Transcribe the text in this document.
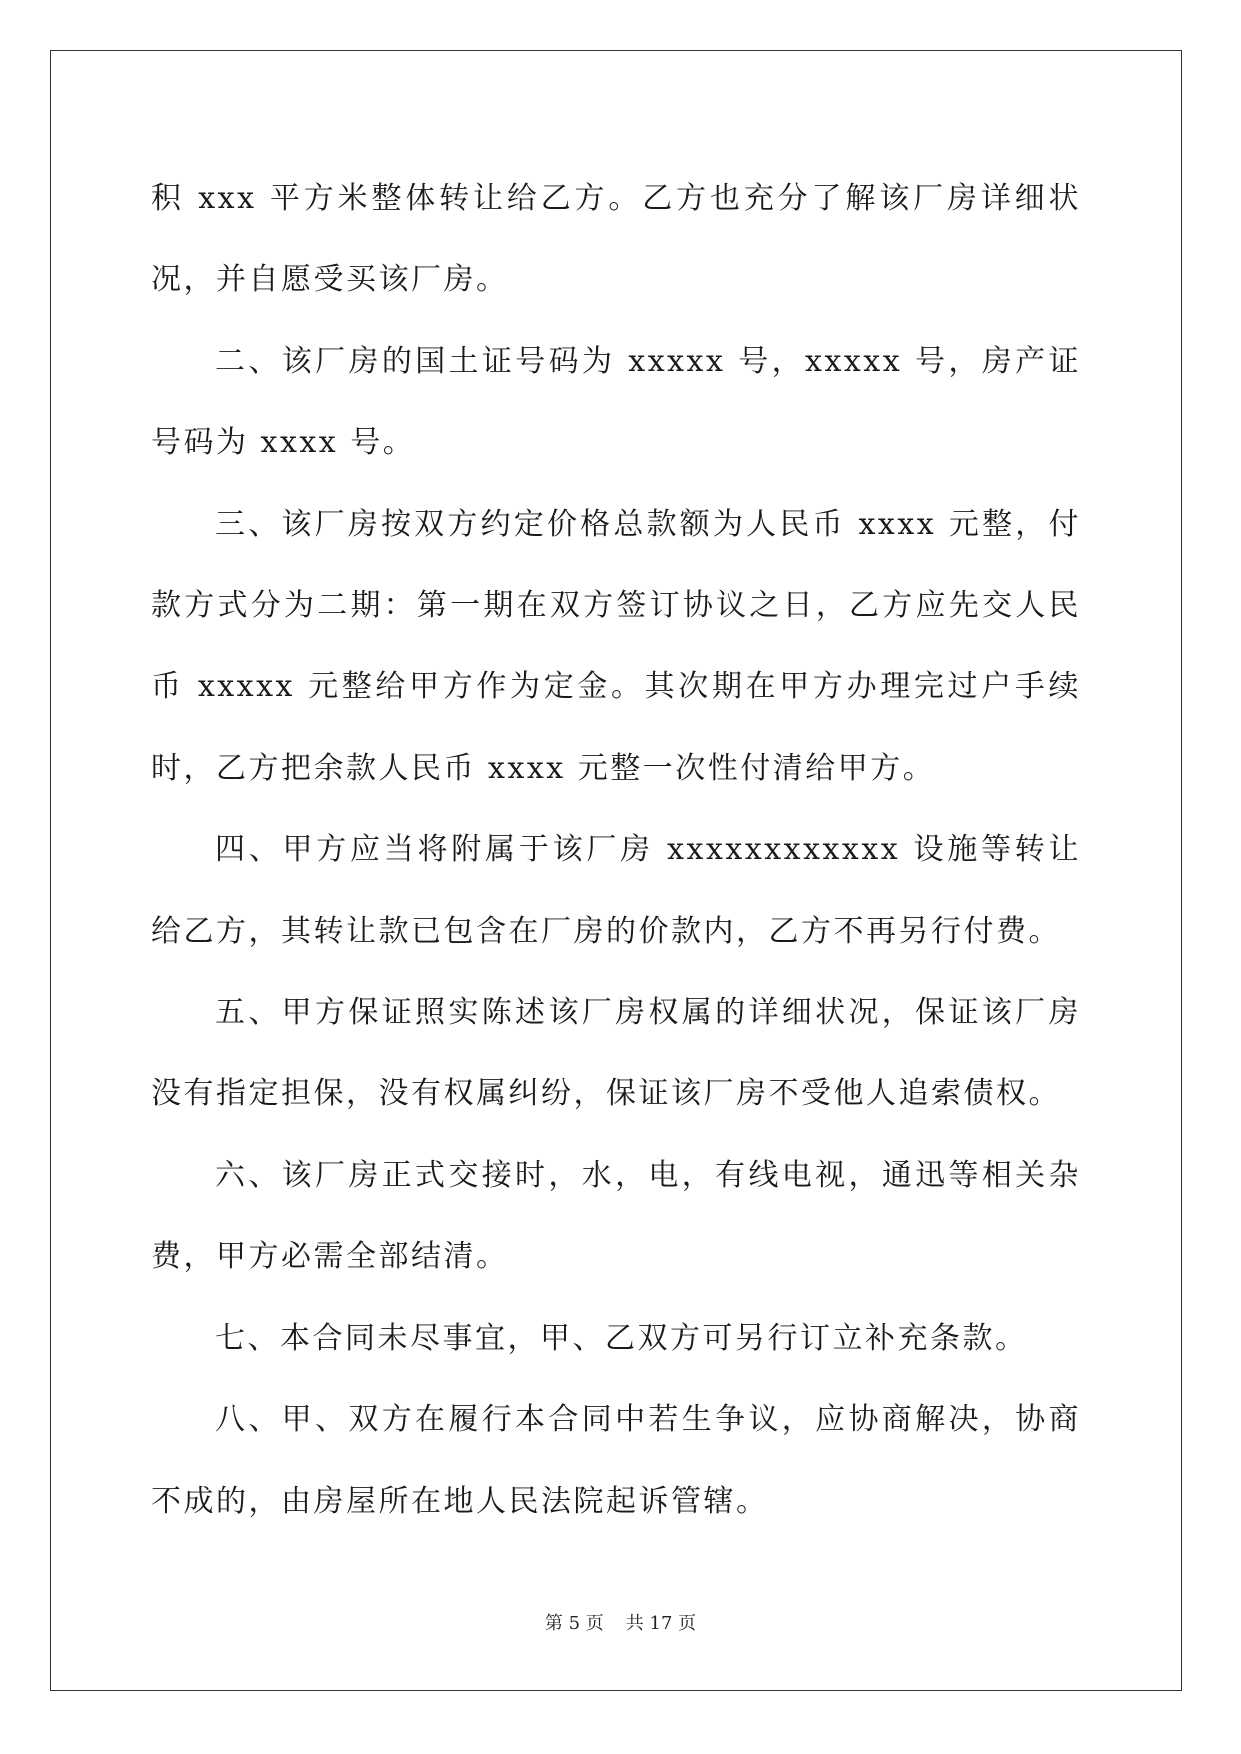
积 xxx 平方米整体转让给乙方。乙方也充分了解该厂房详细状况，并自愿受买该厂房。

二、该厂房的国土证号码为 xxxxx 号，xxxxx 号，房产证号码为 xxxx 号。

三、该厂房按双方约定价格总款额为人民币 xxxx 元整，付款方式分为二期：第一期在双方签订协议之日，乙方应先交人民币 xxxxx 元整给甲方作为定金。其次期在甲方办理完过户手续时，乙方把余款人民币 xxxx 元整一次性付清给甲方。

四、甲方应当将附属于该厂房 xxxxxxxxxxxx 设施等转让给乙方，其转让款已包含在厂房的价款内，乙方不再另行付费。

五、甲方保证照实陈述该厂房权属的详细状况，保证该厂房没有指定担保，没有权属纠纷，保证该厂房不受他人追索债权。

六、该厂房正式交接时，水，电，有线电视，通迅等相关杂费，甲方必需全部结清。

七、本合同未尽事宜，甲、乙双方可另行订立补充条款。

八、甲、双方在履行本合同中若生争议，应协商解决，协商不成的，由房屋所在地人民法院起诉管辖。

第 5 页 共 17 页
